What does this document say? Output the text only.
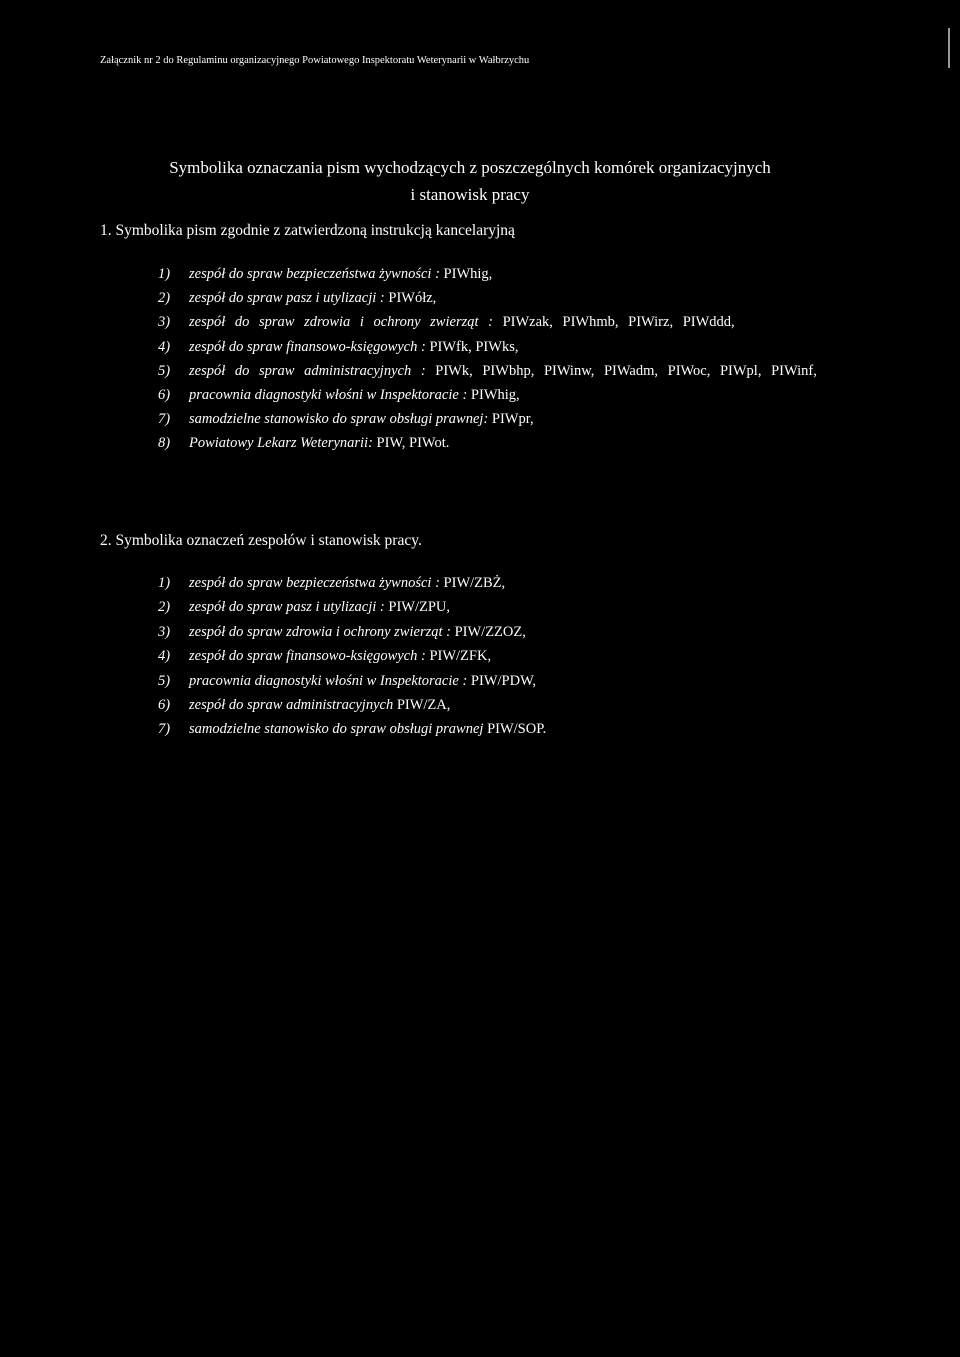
Załącznik nr 2 do Regulaminu organizacyjnego Powiatowego Inspektoratu Weterynarii w Wałbrzychu
Symbolika oznaczania pism wychodzących z poszczególnych komórek organizacyjnych
i stanowisk pracy
1. Symbolika pism zgodnie z zatwierdzoną instrukcją kancelaryjną
1) zespół do spraw bezpieczeństwa żywności : PIWhig,
2) zespół do spraw pasz i utylizacji : PIWółz,
3) zespół do spraw zdrowia i ochrony zwierząt : PIWzak, PIWhmb, PIWirz, PIWddd,
4) zespół do spraw finansowo-księgowych : PIWfk, PIWks,
5) zespół do spraw administracyjnych : PIWk, PIWbhp, PIWinw, PIWadm, PIWoc, PIWpl, PIWinf,
6) pracownia diagnostyki włośni w Inspektoracie : PIWhig,
7) samodzielne stanowisko do spraw obsługi prawnej: PIWpr,
8) Powiatowy Lekarz Weterynarii: PIW, PIWot.
2. Symbolika oznaczeń zespołów i stanowisk pracy.
1) zespół do spraw bezpieczeństwa żywności : PIW/ZBŻ,
2) zespół do spraw pasz i utylizacji : PIW/ZPU,
3) zespół do spraw zdrowia i ochrony zwierząt : PIW/ZZOZ,
4) zespół do spraw finansowo-księgowych : PIW/ZFK,
5) pracownia diagnostyki włośni w Inspektoracie : PIW/PDW,
6) zespół do spraw administracyjnych PIW/ZA,
7) samodzielne stanowisko do spraw obsługi prawnej PIW/SOP.
